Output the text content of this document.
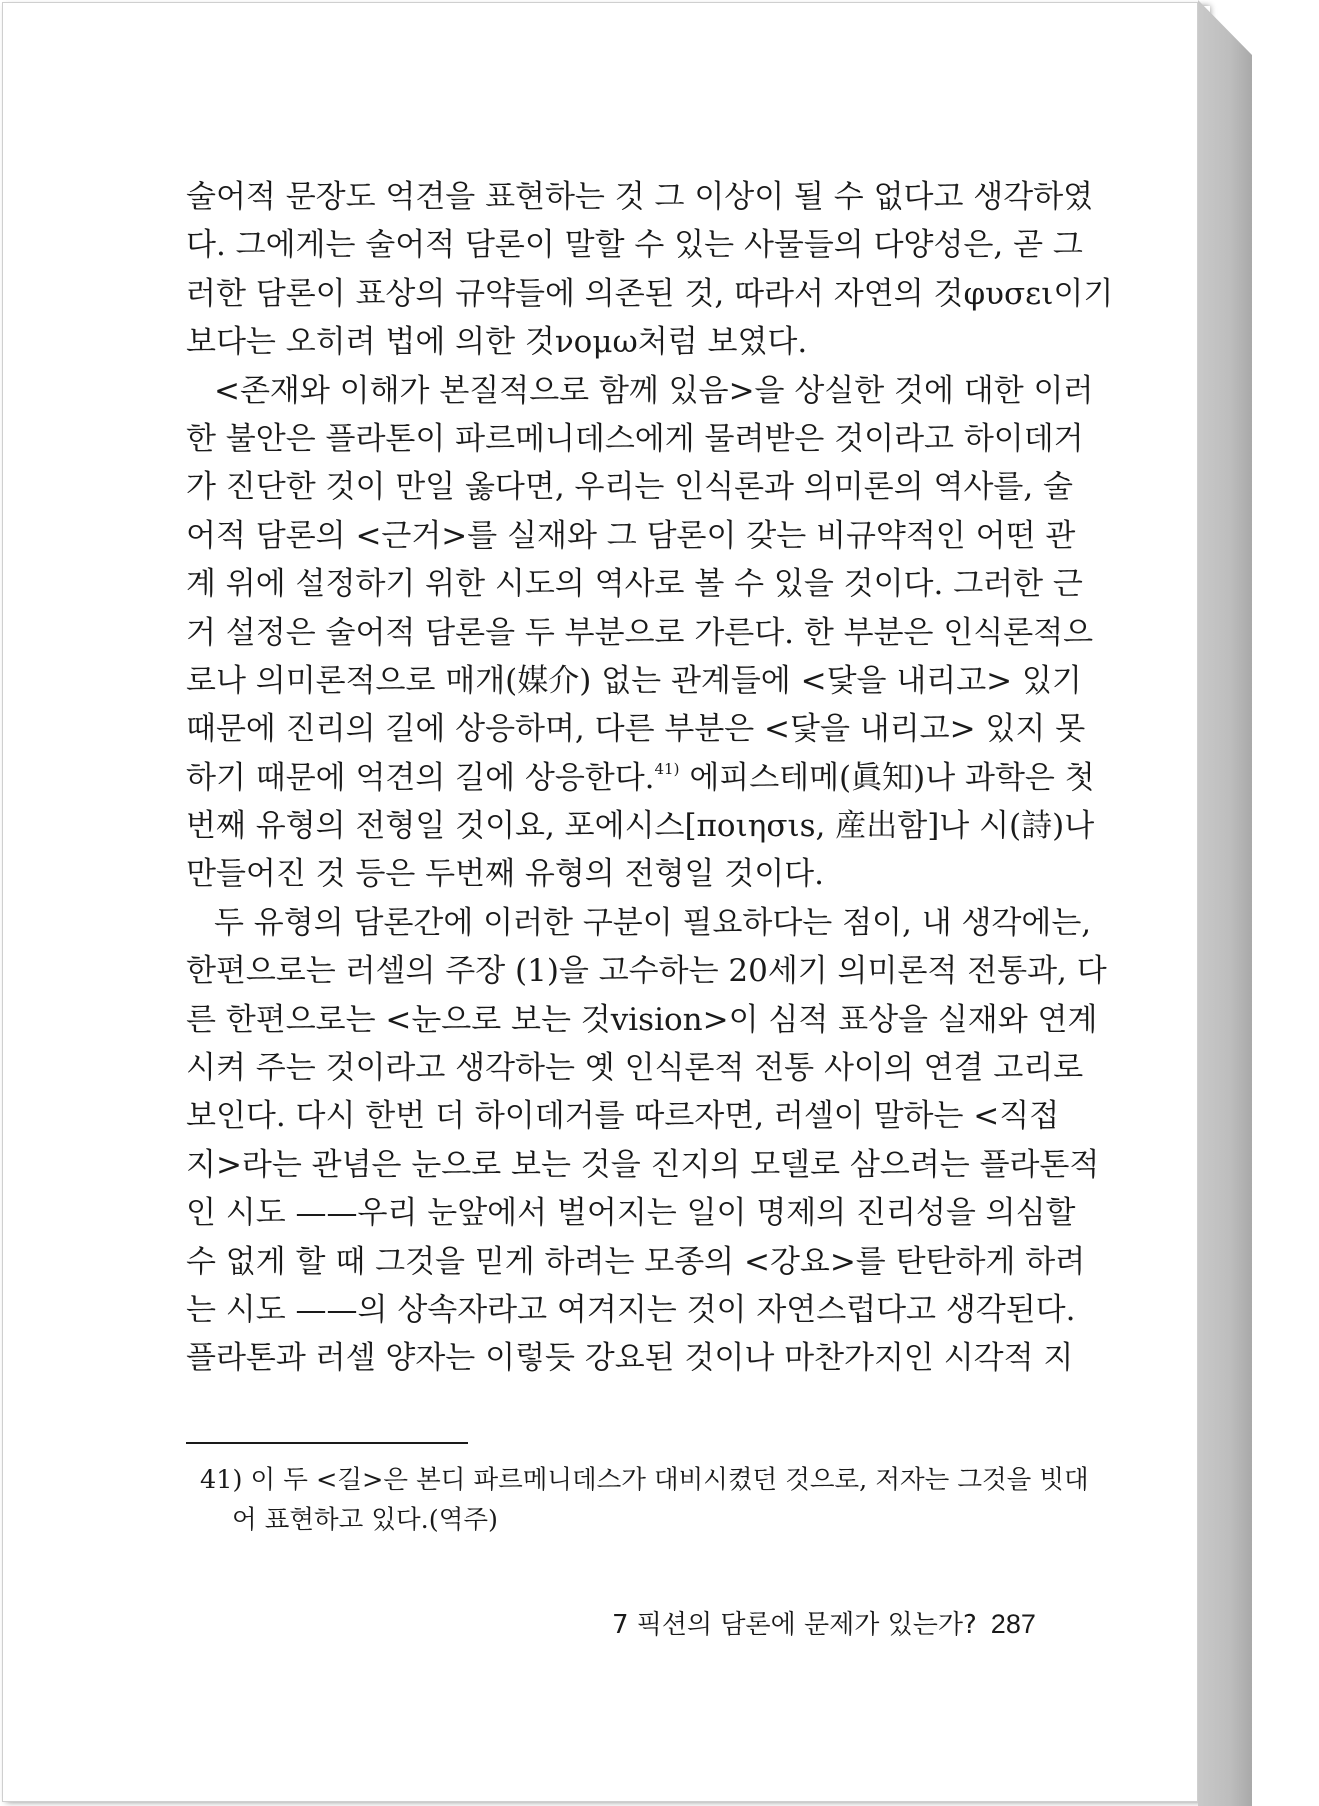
술어적 문장도 억견을 표현하는 것 그 이상이 될 수 없다고 생각하였
다. 그에게는 술어적 담론이 말할 수 있는 사물들의 다양성은, 곧 그
러한 담론이 표상의 규약들에 의존된 것, 따라서 자연의 것φυσει이기
보다는 오히려 법에 의한 것νομω처럼 보였다.
<존재와 이해가 본질적으로 함께 있음>을 상실한 것에 대한 이러
한 불안은 플라톤이 파르메니데스에게 물려받은 것이라고 하이데거
가 진단한 것이 만일 옳다면, 우리는 인식론과 의미론의 역사를, 술
어적 담론의 <근거>를 실재와 그 담론이 갖는 비규약적인 어떤 관
계 위에 설정하기 위한 시도의 역사로 볼 수 있을 것이다. 그러한 근
거 설정은 술어적 담론을 두 부분으로 가른다. 한 부분은 인식론적으
로나 의미론적으로 매개(媒介) 없는 관계들에 <닻을 내리고> 있기
때문에 진리의 길에 상응하며, 다른 부분은 <닻을 내리고> 있지 못
하기 때문에 억견의 길에 상응한다.$^{41)}$ 에피스테메(眞知)나 과학은 첫
번째 유형의 전형일 것이요, 포에시스[ποιησιs, 産出함]나 시(詩)나
만들어진 것 등은 두번째 유형의 전형일 것이다.
두 유형의 담론간에 이러한 구분이 필요하다는 점이, 내 생각에는,
한편으로는 러셀의 주장 (1)을 고수하는 20세기 의미론적 전통과, 다
른 한편으로는 <눈으로 보는 것vision>이 심적 표상을 실재와 연계
시켜 주는 것이라고 생각하는 옛 인식론적 전통 사이의 연결 고리로
보인다. 다시 한번 더 하이데거를 따르자면, 러셀이 말하는 <직접
지>라는 관념은 눈으로 보는 것을 진지의 모델로 삼으려는 플라톤적
인 시도 ——우리 눈앞에서 벌어지는 일이 명제의 진리성을 의심할
수 없게 할 때 그것을 믿게 하려는 모종의 <강요>를 탄탄하게 하려
는 시도 ——의 상속자라고 여겨지는 것이 자연스럽다고 생각된다.
플라톤과 러셀 양자는 이렇듯 강요된 것이나 마찬가지인 시각적 지
41) 이 두 <길>은 본디 파르메니데스가 대비시켰던 것으로, 저자는 그것을 빗대
어 표현하고 있다.(역주)
7 픽션의 담론에 문제가 있는가? 287
